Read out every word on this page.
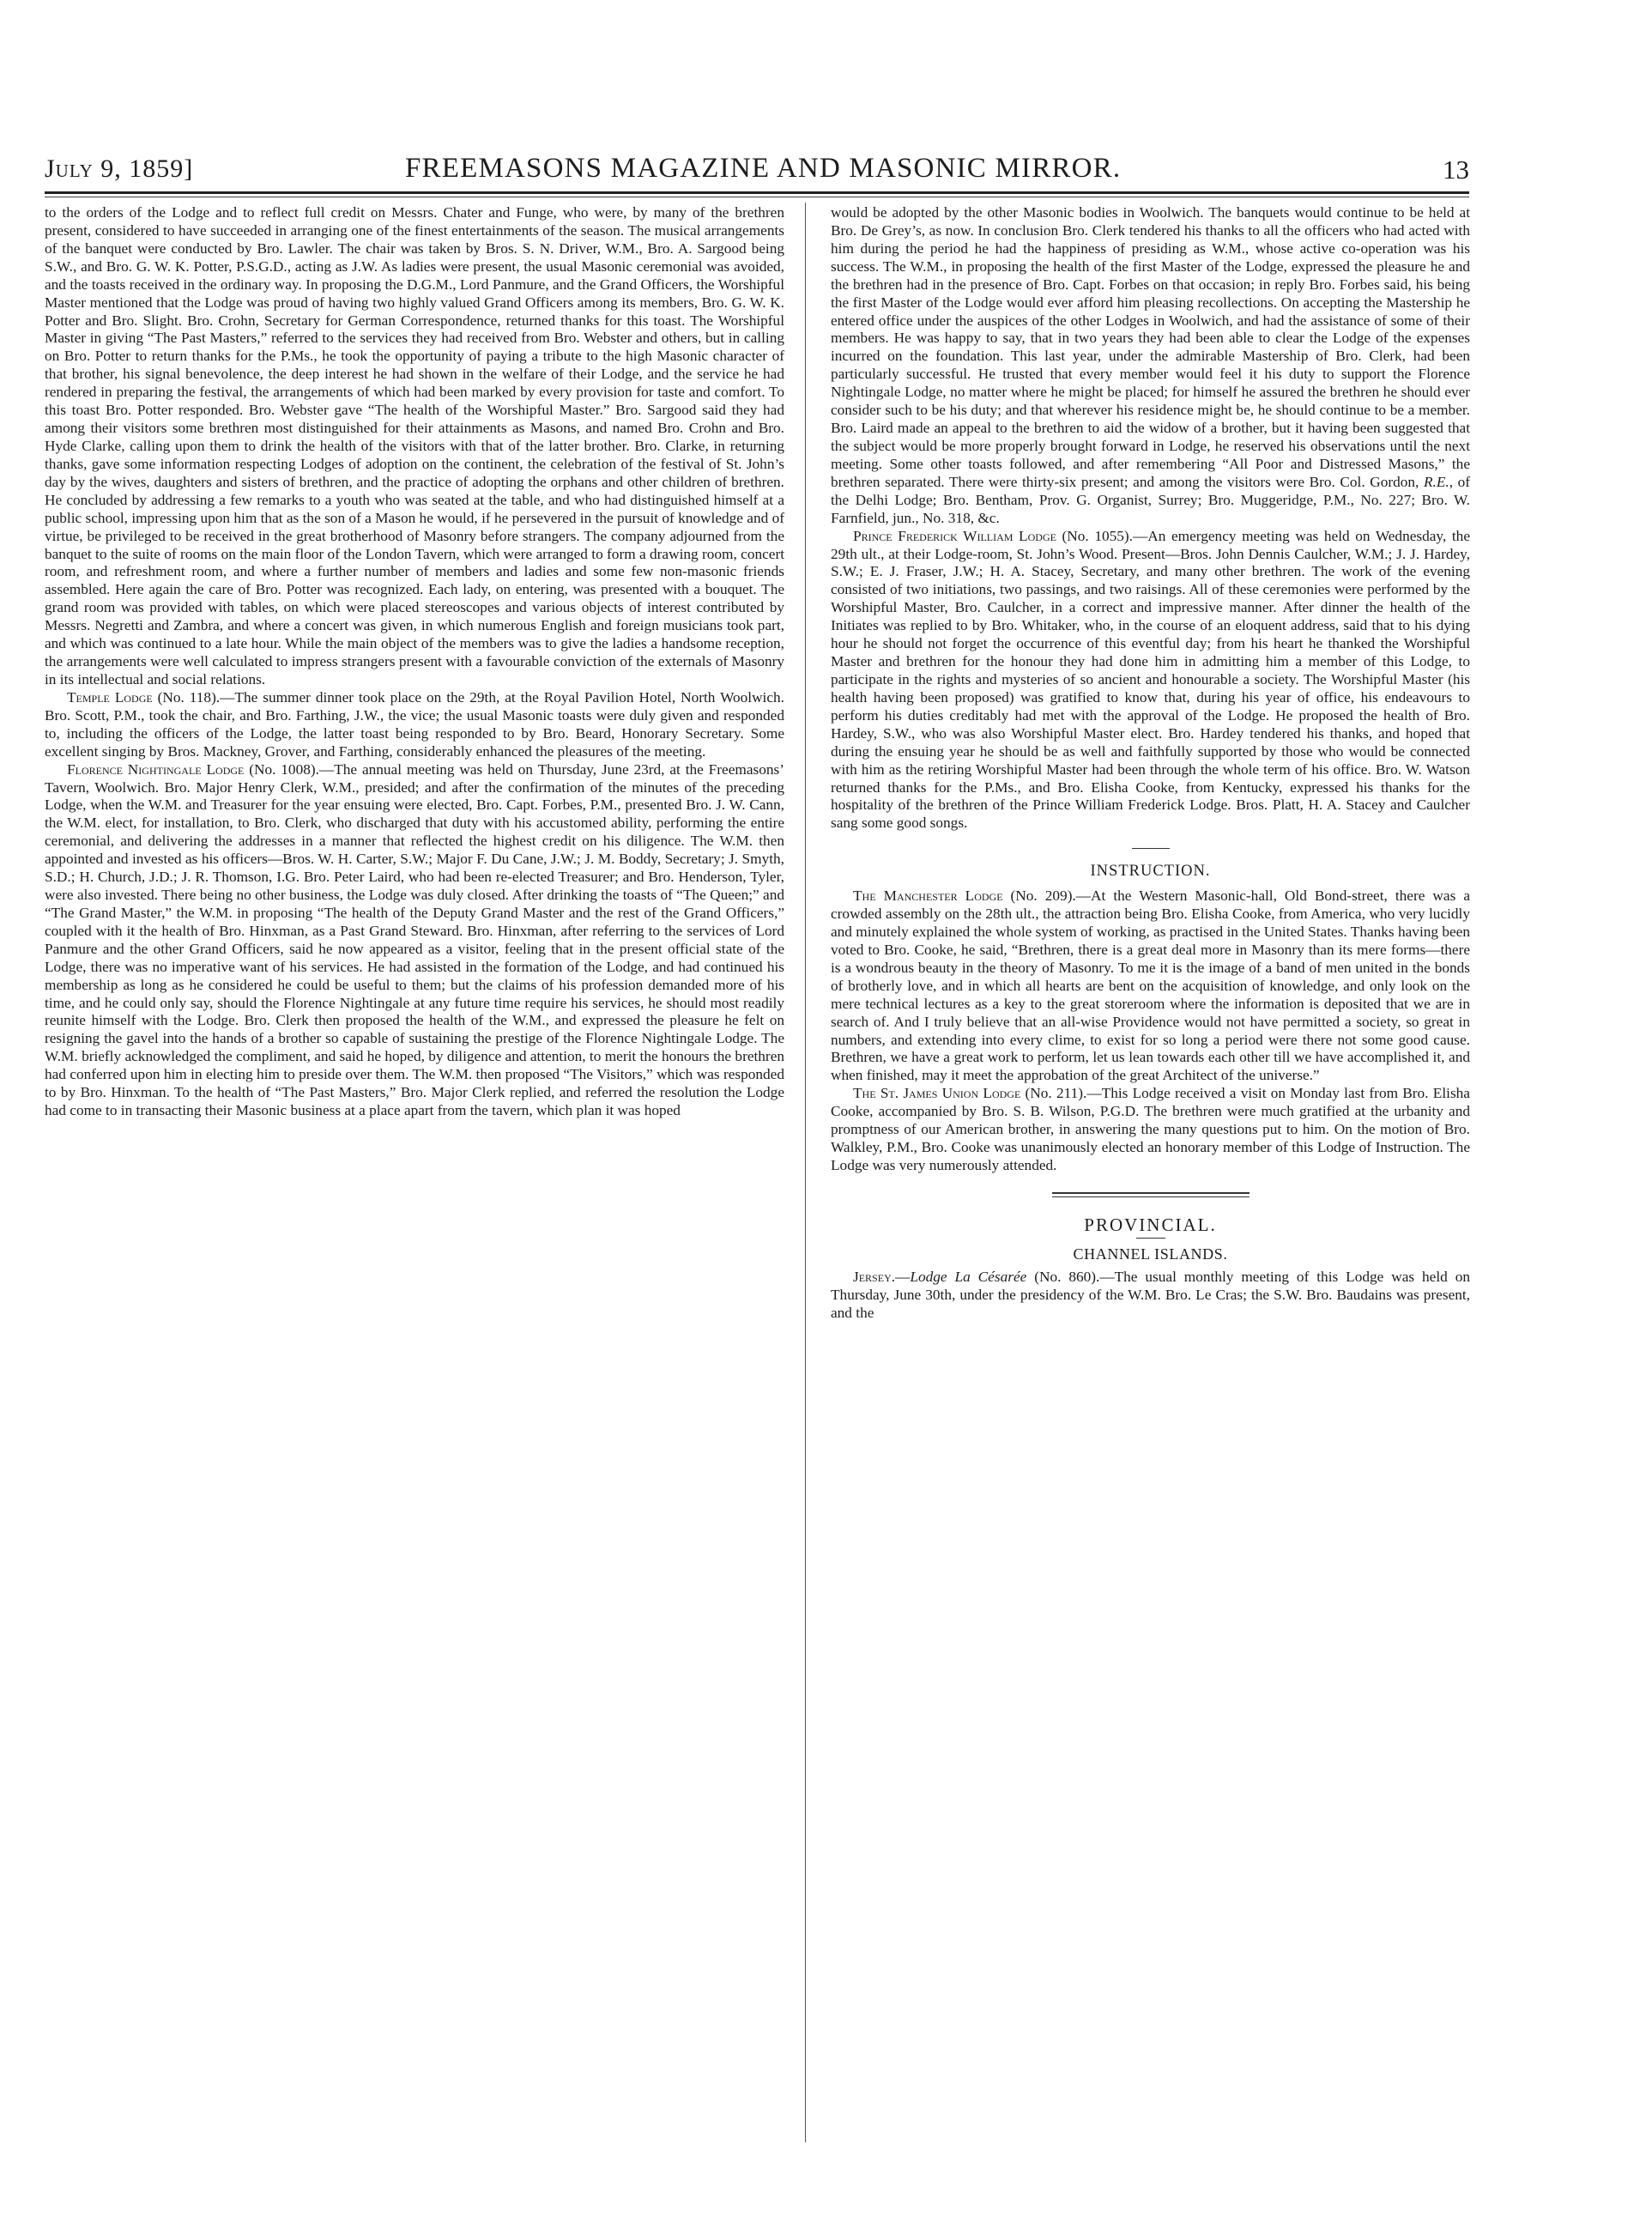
July 9, 1859]	FREEMASONS MAGAZINE AND MASONIC MIRROR.	13

to the orders of the Lodge and to reflect full credit on Messrs. Chater and Funge, who were, by many of the brethren present, considered to have succeeded in arranging one of the finest entertainments of the season. The musical arrangements of the banquet were conducted by Bro. Lawler. The chair was taken by Bros. S. N. Driver, W.M., Bro. A. Sargood being S.W., and Bro. G. W. K. Potter, P.S.G.D., acting as J.W. As ladies were present, the usual Masonic ceremonial was avoided, and the toasts received in the ordinary way. In proposing the D.G.M., Lord Panmure, and the Grand Officers, the Worshipful Master mentioned that the Lodge was proud of having two highly valued Grand Officers among its members, Bro. G. W. K. Potter and Bro. Slight. Bro. Crohn, Secretary for German Correspondence, returned thanks for this toast. The Worshipful Master in giving “The Past Masters,” referred to the services they had received from Bro. Webster and others, but in calling on Bro. Potter to return thanks for the P.Ms., he took the opportunity of paying a tribute to the high Masonic character of that brother, his signal benevolence, the deep interest he had shown in the welfare of their Lodge, and the service he had rendered in preparing the festival, the arrangements of which had been marked by every provision for taste and comfort. To this toast Bro. Potter responded. Bro. Webster gave “The health of the Worshipful Master.” Bro. Sargood said they had among their visitors some brethren most distinguished for their attainments as Masons, and named Bro. Crohn and Bro. Hyde Clarke, calling upon them to drink the health of the visitors with that of the latter brother. Bro. Clarke, in returning thanks, gave some information respecting Lodges of adoption on the continent, the celebration of the festival of St. John’s day by the wives, daughters and sisters of brethren, and the practice of adopting the orphans and other children of brethren. He concluded by addressing a few remarks to a youth who was seated at the table, and who had distinguished himself at a public school, impressing upon him that as the son of a Mason he would, if he persevered in the pursuit of knowledge and of virtue, be privileged to be received in the great brotherhood of Masonry before strangers. The company adjourned from the banquet to the suite of rooms on the main floor of the London Tavern, which were arranged to form a drawing room, concert room, and refreshment room, and where a further number of members and ladies and some few non-masonic friends assembled. Here again the care of Bro. Potter was recognized. Each lady, on entering, was presented with a bouquet. The grand room was provided with tables, on which were placed stereoscopes and various objects of interest contributed by Messrs. Negretti and Zambra, and where a concert was given, in which numerous English and foreign musicians took part, and which was continued to a late hour. While the main object of the members was to give the ladies a handsome reception, the arrangements were well calculated to impress strangers present with a favourable conviction of the externals of Masonry in its intellectual and social relations.

Temple Lodge (No. 118).—The summer dinner took place on the 29th, at the Royal Pavilion Hotel, North Woolwich. Bro. Scott, P.M., took the chair, and Bro. Farthing, J.W., the vice; the usual Masonic toasts were duly given and responded to, including the officers of the Lodge, the latter toast being responded to by Bro. Beard, Honorary Secretary. Some excellent singing by Bros. Mackney, Grover, and Farthing, considerably enhanced the pleasures of the meeting.

Florence Nightingale Lodge (No. 1008).—The annual meeting was held on Thursday, June 23rd, at the Freemasons’ Tavern, Woolwich. Bro. Major Henry Clerk, W.M., presided; and after the confirmation of the minutes of the preceding Lodge, when the W.M. and Treasurer for the year ensuing were elected, Bro. Capt. Forbes, P.M., presented Bro. J. W. Cann, the W.M. elect, for installation, to Bro. Clerk, who discharged that duty with his accustomed ability, performing the entire ceremonial, and delivering the addresses in a manner that reflected the highest credit on his diligence. The W.M. then appointed and invested as his officers—Bros. W. H. Carter, S.W.; Major F. Du Cane, J.W.; J. M. Boddy, Secretary; J. Smyth, S.D.; H. Church, J.D.; J. R. Thomson, I.G. Bro. Peter Laird, who had been re-elected Treasurer; and Bro. Henderson, Tyler, were also invested. There being no other business, the Lodge was duly closed. After drinking the toasts of “The Queen;” and “The Grand Master,” the W.M. in proposing “The health of the Deputy Grand Master and the rest of the Grand Officers,” coupled with it the health of Bro. Hinxman, as a Past Grand Steward. Bro. Hinxman, after referring to the services of Lord Panmure and the other Grand Officers, said he now appeared as a visitor, feeling that in the present official state of the Lodge, there was no imperative want of his services. He had assisted in the formation of the Lodge, and had continued his membership as long as he considered he could be useful to them; but the claims of his profession demanded more of his time, and he could only say, should the Florence Nightingale at any future time require his services, he should most readily reunite himself with the Lodge. Bro. Clerk then proposed the health of the W.M., and expressed the pleasure he felt on resigning the gavel into the hands of a brother so capable of sustaining the prestige of the Florence Nightingale Lodge. The W.M. briefly acknowledged the compliment, and said he hoped, by diligence and attention, to merit the honours the brethren had conferred upon him in electing him to preside over them. The W.M. then proposed “The Visitors,” which was responded to by Bro. Hinxman. To the health of “The Past Masters,” Bro. Major Clerk replied, and referred the resolution the Lodge had come to in transacting their Masonic business at a place apart from the tavern, which plan it was hoped

would be adopted by the other Masonic bodies in Woolwich. The banquets would continue to be held at Bro. De Grey’s, as now. In conclusion Bro. Clerk tendered his thanks to all the officers who had acted with him during the period he had the happiness of presiding as W.M., whose active co-operation was his success. The W.M., in proposing the health of the first Master of the Lodge, expressed the pleasure he and the brethren had in the presence of Bro. Capt. Forbes on that occasion; in reply Bro. Forbes said, his being the first Master of the Lodge would ever afford him pleasing recollections. On accepting the Mastership he entered office under the auspices of the other Lodges in Woolwich, and had the assistance of some of their members. He was happy to say, that in two years they had been able to clear the Lodge of the expenses incurred on the foundation. This last year, under the admirable Mastership of Bro. Clerk, had been particularly successful. He trusted that every member would feel it his duty to support the Florence Nightingale Lodge, no matter where he might be placed; for himself he assured the brethren he should ever consider such to be his duty; and that wherever his residence might be, he should continue to be a member. Bro. Laird made an appeal to the brethren to aid the widow of a brother, but it having been suggested that the subject would be more properly brought forward in Lodge, he reserved his observations until the next meeting. Some other toasts followed, and after remembering “All Poor and Distressed Masons,” the brethren separated. There were thirty-six present; and among the visitors were Bro. Col. Gordon, R.E., of the Delhi Lodge; Bro. Bentham, Prov. G. Organist, Surrey; Bro. Muggeridge, P.M., No. 227; Bro. W. Farnfield, jun., No. 318, &c.

Prince Frederick William Lodge (No. 1055).—An emergency meeting was held on Wednesday, the 29th ult., at their Lodge-room, St. John’s Wood. Present—Bros. John Dennis Caulcher, W.M.; J. J. Hardey, S.W.; E. J. Fraser, J.W.; H. A. Stacey, Secretary, and many other brethren. The work of the evening consisted of two initiations, two passings, and two raisings. All of these ceremonies were performed by the Worshipful Master, Bro. Caulcher, in a correct and impressive manner. After dinner the health of the Initiates was replied to by Bro. Whitaker, who, in the course of an eloquent address, said that to his dying hour he should not forget the occurrence of this eventful day; from his heart he thanked the Worshipful Master and brethren for the honour they had done him in admitting him a member of this Lodge, to participate in the rights and mysteries of so ancient and honourable a society. The Worshipful Master (his health having been proposed) was gratified to know that, during his year of office, his endeavours to perform his duties creditably had met with the approval of the Lodge. He proposed the health of Bro. Hardey, S.W., who was also Worshipful Master elect. Bro. Hardey tendered his thanks, and hoped that during the ensuing year he should be as well and faithfully supported by those who would be connected with him as the retiring Worshipful Master had been through the whole term of his office. Bro. W. Watson returned thanks for the P.Ms., and Bro. Elisha Cooke, from Kentucky, expressed his thanks for the hospitality of the brethren of the Prince William Frederick Lodge. Bros. Platt, H. A. Stacey and Caulcher sang some good songs.

INSTRUCTION.

The Manchester Lodge (No. 209).—At the Western Masonic-hall, Old Bond-street, there was a crowded assembly on the 28th ult., the attraction being Bro. Elisha Cooke, from America, who very lucidly and minutely explained the whole system of working, as practised in the United States. Thanks having been voted to Bro. Cooke, he said, “Brethren, there is a great deal more in Masonry than its mere forms—there is a wondrous beauty in the theory of Masonry. To me it is the image of a band of men united in the bonds of brotherly love, and in which all hearts are bent on the acquisition of knowledge, and only look on the mere technical lectures as a key to the great storeroom where the information is deposited that we are in search of. And I truly believe that an all-wise Providence would not have permitted a society, so great in numbers, and extending into every clime, to exist for so long a period were there not some good cause. Brethren, we have a great work to perform, let us lean towards each other till we have accomplished it, and when finished, may it meet the approbation of the great Architect of the universe.”

The St. James Union Lodge (No. 211).—This Lodge received a visit on Monday last from Bro. Elisha Cooke, accompanied by Bro. S. B. Wilson, P.G.D. The brethren were much gratified at the urbanity and promptness of our American brother, in answering the many questions put to him. On the motion of Bro. Walkley, P.M., Bro. Cooke was unanimously elected an honorary member of this Lodge of Instruction. The Lodge was very numerously attended.

PROVINCIAL.

CHANNEL ISLANDS.

Jersey.—Lodge La Césarée (No. 860).—The usual monthly meeting of this Lodge was held on Thursday, June 30th, under the presidency of the W.M. Bro. Le Cras; the S.W. Bro. Baudains was present, and the
